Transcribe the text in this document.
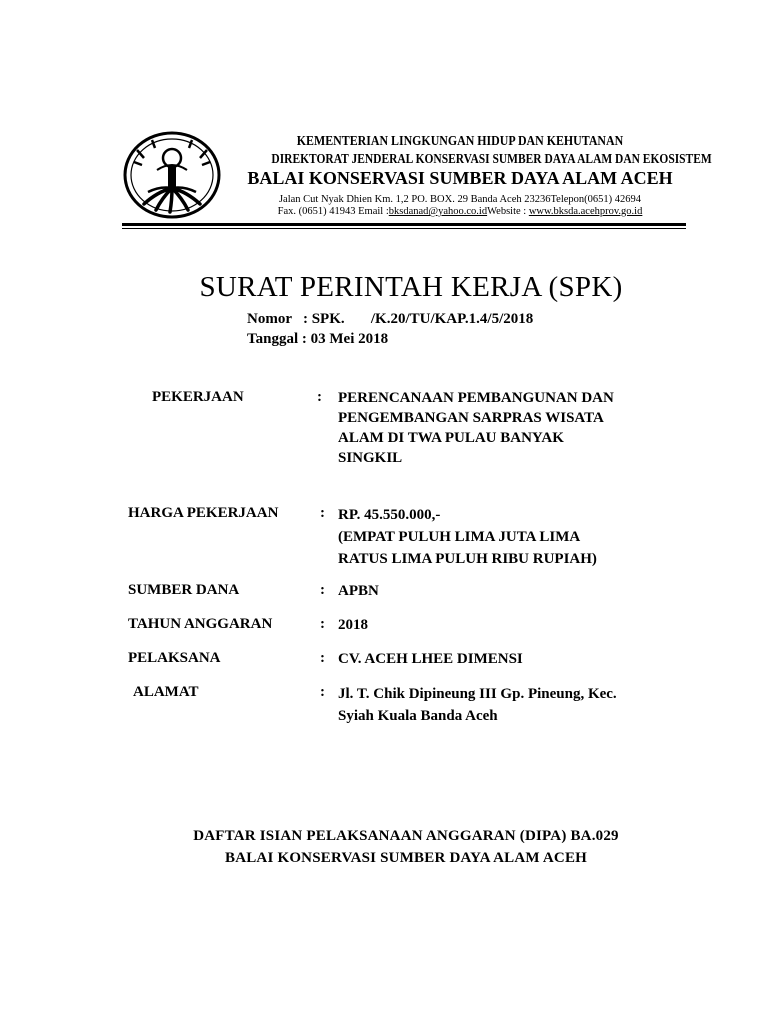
KEMENTERIAN LINGKUNGAN HIDUP DAN KEHUTANAN
DIREKTORAT JENDERAL KONSERVASI SUMBER DAYA ALAM DAN EKOSISTEM
BALAI KONSERVASI SUMBER DAYA ALAM ACEH
Jalan Cut Nyak Dhien Km. 1,2 PO. BOX. 29 Banda Aceh 23236Telepon(0651) 42694
Fax. (0651) 41943 Email :bksdanad@yahoo.co.idWebsite : www.bksda.acehprov.go.id
SURAT PERINTAH KERJA (SPK)
Nomor   : SPK.       /K.20/TU/KAP.1.4/5/2018
Tanggal : 03 Mei 2018
PEKERJAAN	: PERENCANAAN PEMBANGUNAN DAN
PENGEMBANGAN SARPRAS WISATA
ALAM DI TWA PULAU BANYAK
SINGKIL
HARGA PEKERJAAN	: RP. 45.550.000,-
(EMPAT PULUH LIMA JUTA LIMA
RATUS LIMA PULUH RIBU RUPIAH)
SUMBER DANA	: APBN
TAHUN ANGGARAN	: 2018
PELAKSANA	: CV. ACEH LHEE DIMENSI
ALAMAT	: Jl. T. Chik Dipineung III Gp. Pineung, Kec.
Syiah Kuala Banda Aceh
DAFTAR ISIAN PELAKSANAAN ANGGARAN (DIPA) BA.029
BALAI KONSERVASI SUMBER DAYA ALAM ACEH
